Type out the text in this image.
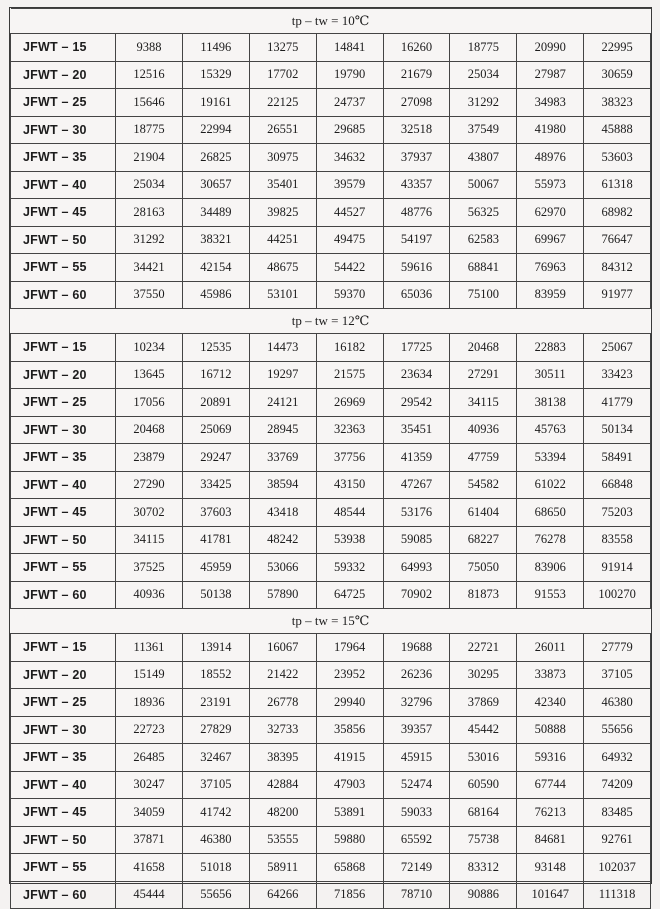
tp – tw = 10℃								
JFWT – 15	9388	11496	13275	14841	16260	18775	20990	22995
JFWT – 20	12516	15329	17702	19790	21679	25034	27987	30659
JFWT – 25	15646	19161	22125	24737	27098	31292	34983	38323
JFWT – 30	18775	22994	26551	29685	32518	37549	41980	45888
JFWT – 35	21904	26825	30975	34632	37937	43807	48976	53603
JFWT – 40	25034	30657	35401	39579	43357	50067	55973	61318
JFWT – 45	28163	34489	39825	44527	48776	56325	62970	68982
JFWT – 50	31292	38321	44251	49475	54197	62583	69967	76647
JFWT – 55	34421	42154	48675	54422	59616	68841	76963	84312
JFWT – 60	37550	45986	53101	59370	65036	75100	83959	91977
tp – tw = 12℃								
JFWT – 15	10234	12535	14473	16182	17725	20468	22883	25067
JFWT – 20	13645	16712	19297	21575	23634	27291	30511	33423
JFWT – 25	17056	20891	24121	26969	29542	34115	38138	41779
JFWT – 30	20468	25069	28945	32363	35451	40936	45763	50134
JFWT – 35	23879	29247	33769	37756	41359	47759	53394	58491
JFWT – 40	27290	33425	38594	43150	47267	54582	61022	66848
JFWT – 45	30702	37603	43418	48544	53176	61404	68650	75203
JFWT – 50	34115	41781	48242	53938	59085	68227	76278	83558
JFWT – 55	37525	45959	53066	59332	64993	75050	83906	91914
JFWT – 60	40936	50138	57890	64725	70902	81873	91553	100270
tp – tw = 15℃								
JFWT – 15	11361	13914	16067	17964	19688	22721	26011	27779
JFWT – 20	15149	18552	21422	23952	26236	30295	33873	37105
JFWT – 25	18936	23191	26778	29940	32796	37869	42340	46380
JFWT – 30	22723	27829	32733	35856	39357	45442	50888	55656
JFWT – 35	26485	32467	38395	41915	45915	53016	59316	64932
JFWT – 40	30247	37105	42884	47903	52474	60590	67744	74209
JFWT – 45	34059	41742	48200	53891	59033	68164	76213	83485
JFWT – 50	37871	46380	53555	59880	65592	75738	84681	92761
JFWT – 55	41658	51018	58911	65868	72149	83312	93148	102037
JFWT – 60	45444	55656	64266	71856	78710	90886	101647	111318
